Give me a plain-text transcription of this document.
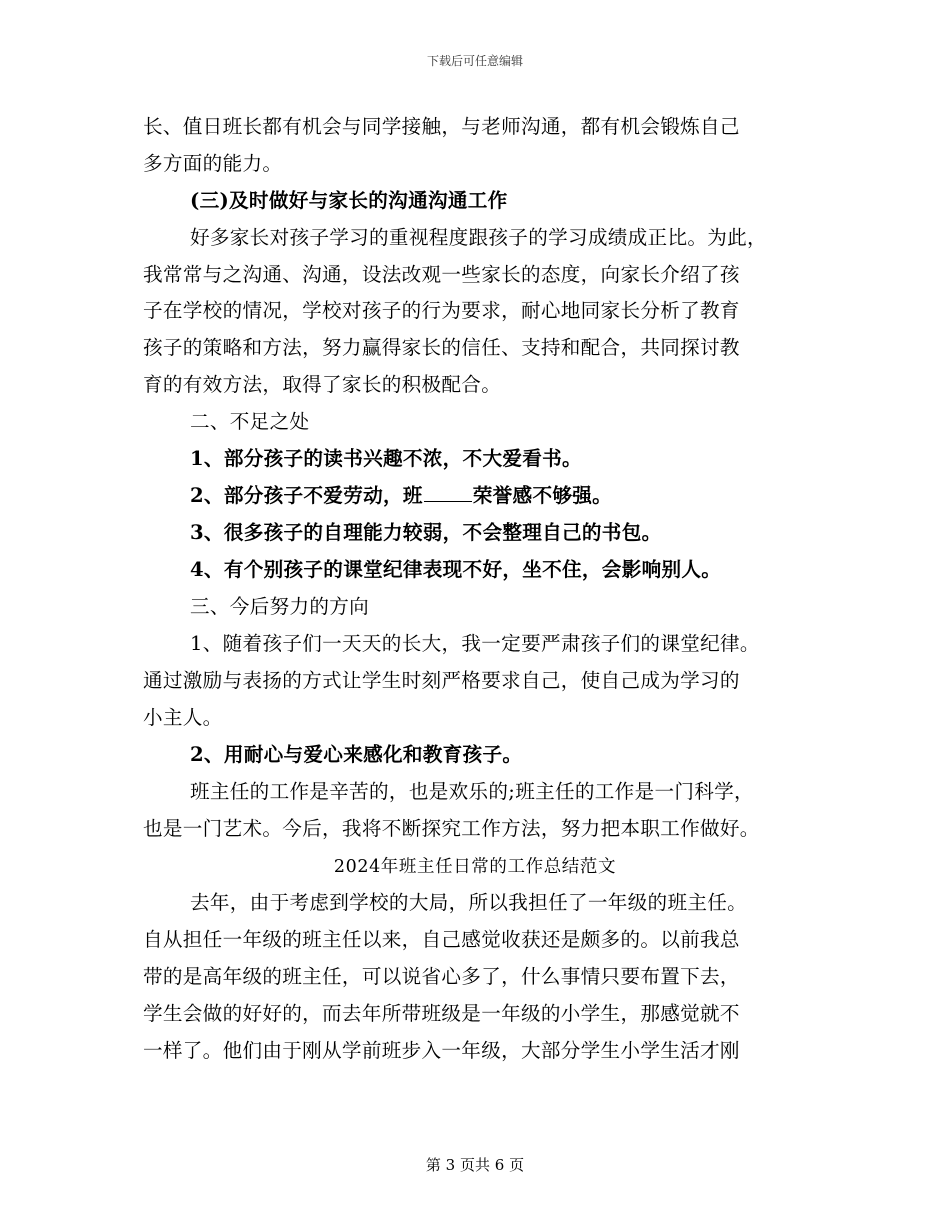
下载后可任意编辑
长、值日班长都有机会与同学接触，与老师沟通，都有机会锻炼自己
多方面的能力。
(三)及时做好与家长的沟通沟通工作
好多家长对孩子学习的重视程度跟孩子的学习成绩成正比。为此，
我常常与之沟通、沟通，设法改观一些家长的态度，向家长介绍了孩
子在学校的情况，学校对孩子的行为要求，耐心地同家长分析了教育
孩子的策略和方法，努力赢得家长的信任、支持和配合，共同探讨教
育的有效方法，取得了家长的积极配合。
二、不足之处
1、部分孩子的读书兴趣不浓，不大爱看书。
2、部分孩子不爱劳动，班	荣誉感不够强。
3、很多孩子的自理能力较弱，不会整理自己的书包。
4、有个别孩子的课堂纪律表现不好，坐不住，会影响别人。
三、今后努力的方向
1、随着孩子们一天天的长大，我一定要严肃孩子们的课堂纪律。
通过激励与表扬的方式让学生时刻严格要求自己，使自己成为学习的
小主人。
2、用耐心与爱心来感化和教育孩子。
班主任的工作是辛苦的，也是欢乐的;班主任的工作是一门科学，
也是一门艺术。今后，我将不断探究工作方法，努力把本职工作做好。
2024年班主任日常的工作总结范文
去年，由于考虑到学校的大局，所以我担任了一年级的班主任。
自从担任一年级的班主任以来，自己感觉收获还是颇多的。以前我总
带的是高年级的班主任，可以说省心多了，什么事情只要布置下去，
学生会做的好好的，而去年所带班级是一年级的小学生，那感觉就不
一样了。他们由于刚从学前班步入一年级，大部分学生小学生活才刚
第 3 页共 6 页
